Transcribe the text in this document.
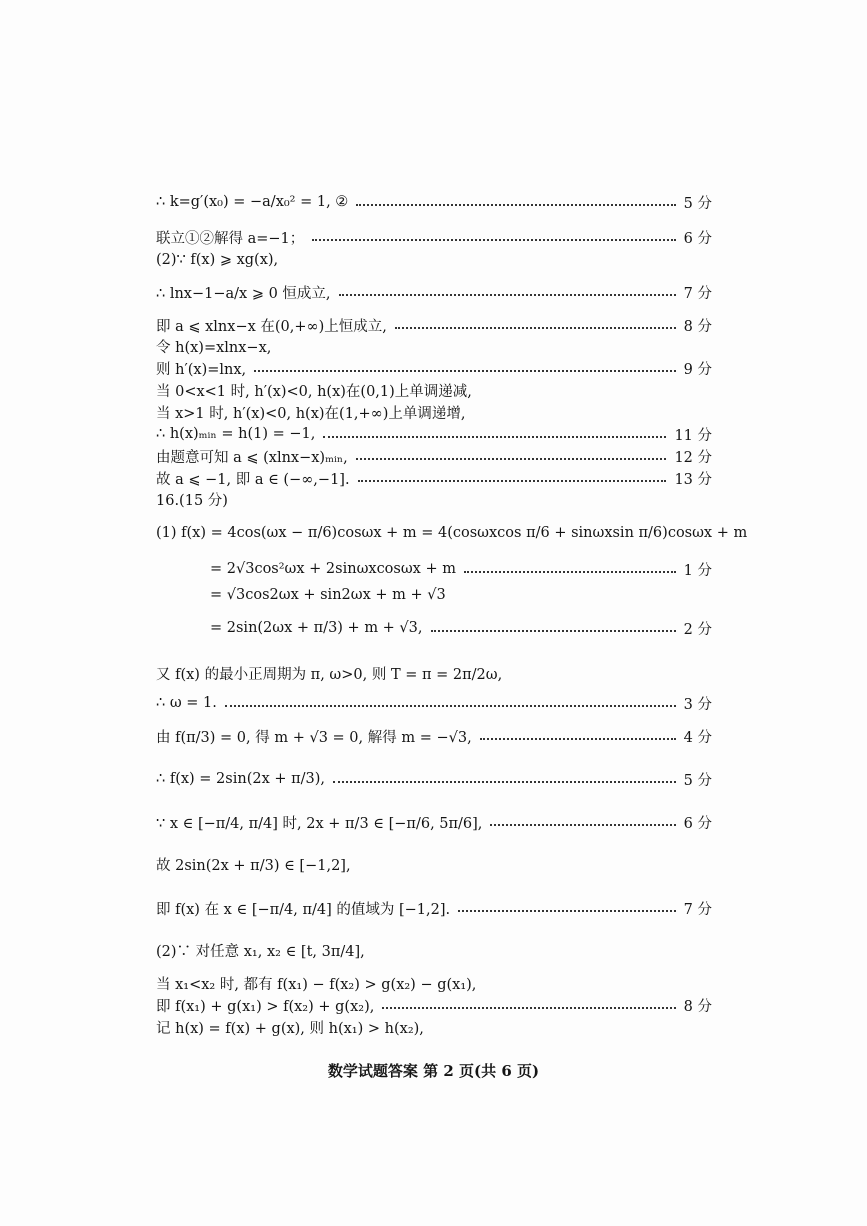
∴ k=g′(x₀) = −a/x₀² = 1, ②	5 分
联立①②解得 a=−1；	6 分
(2)∵ f(x) ⩾ xg(x),
∴ lnx−1−a/x ⩾ 0 恒成立,	7 分
即 a ⩽ xlnx−x 在(0,+∞)上恒成立,	8 分
令 h(x)=xlnx−x,
则 h′(x)=lnx,	9 分
当 0<x<1 时, h′(x)<0, h(x)在(0,1)上单调递减,
当 x>1 时, h′(x)<0, h(x)在(1,+∞)上单调递增,
∴ h(x)ₘᵢₙ = h(1) = −1,	11 分
由题意可知 a ⩽ (xlnx−x)ₘᵢₙ,	12 分
故 a ⩽ −1, 即 a ∈ (−∞,−1].	13 分
16.(15 分)
(1) f(x) = 4cos(ωx − π/6)cosωx + m = 4(cosωxcos π/6 + sinωxsin π/6)cosωx + m
= 2√3cos²ωx + 2sinωxcosωx + m	1 分
= √3cos2ωx + sin2ωx + m + √3
= 2sin(2ωx + π/3) + m + √3,	2 分
又 f(x) 的最小正周期为 π, ω>0, 则 T = π = 2π/2ω,
∴ ω = 1.	3 分
由 f(π/3) = 0, 得 m + √3 = 0, 解得 m = −√3,	4 分
∴ f(x) = 2sin(2x + π/3),	5 分
∵ x ∈ [−π/4, π/4] 时, 2x + π/3 ∈ [−π/6, 5π/6],	6 分
故 2sin(2x + π/3) ∈ [−1,2],
即 f(x) 在 x ∈ [−π/4, π/4] 的值域为 [−1,2].	7 分
(2)∵ 对任意 x₁, x₂ ∈ [t, 3π/4],
当 x₁<x₂ 时, 都有 f(x₁) − f(x₂) > g(x₂) − g(x₁),
即 f(x₁) + g(x₁) > f(x₂) + g(x₂),	8 分
记 h(x) = f(x) + g(x), 则 h(x₁) > h(x₂),
数学试题答案 第 2 页(共 6 页)
